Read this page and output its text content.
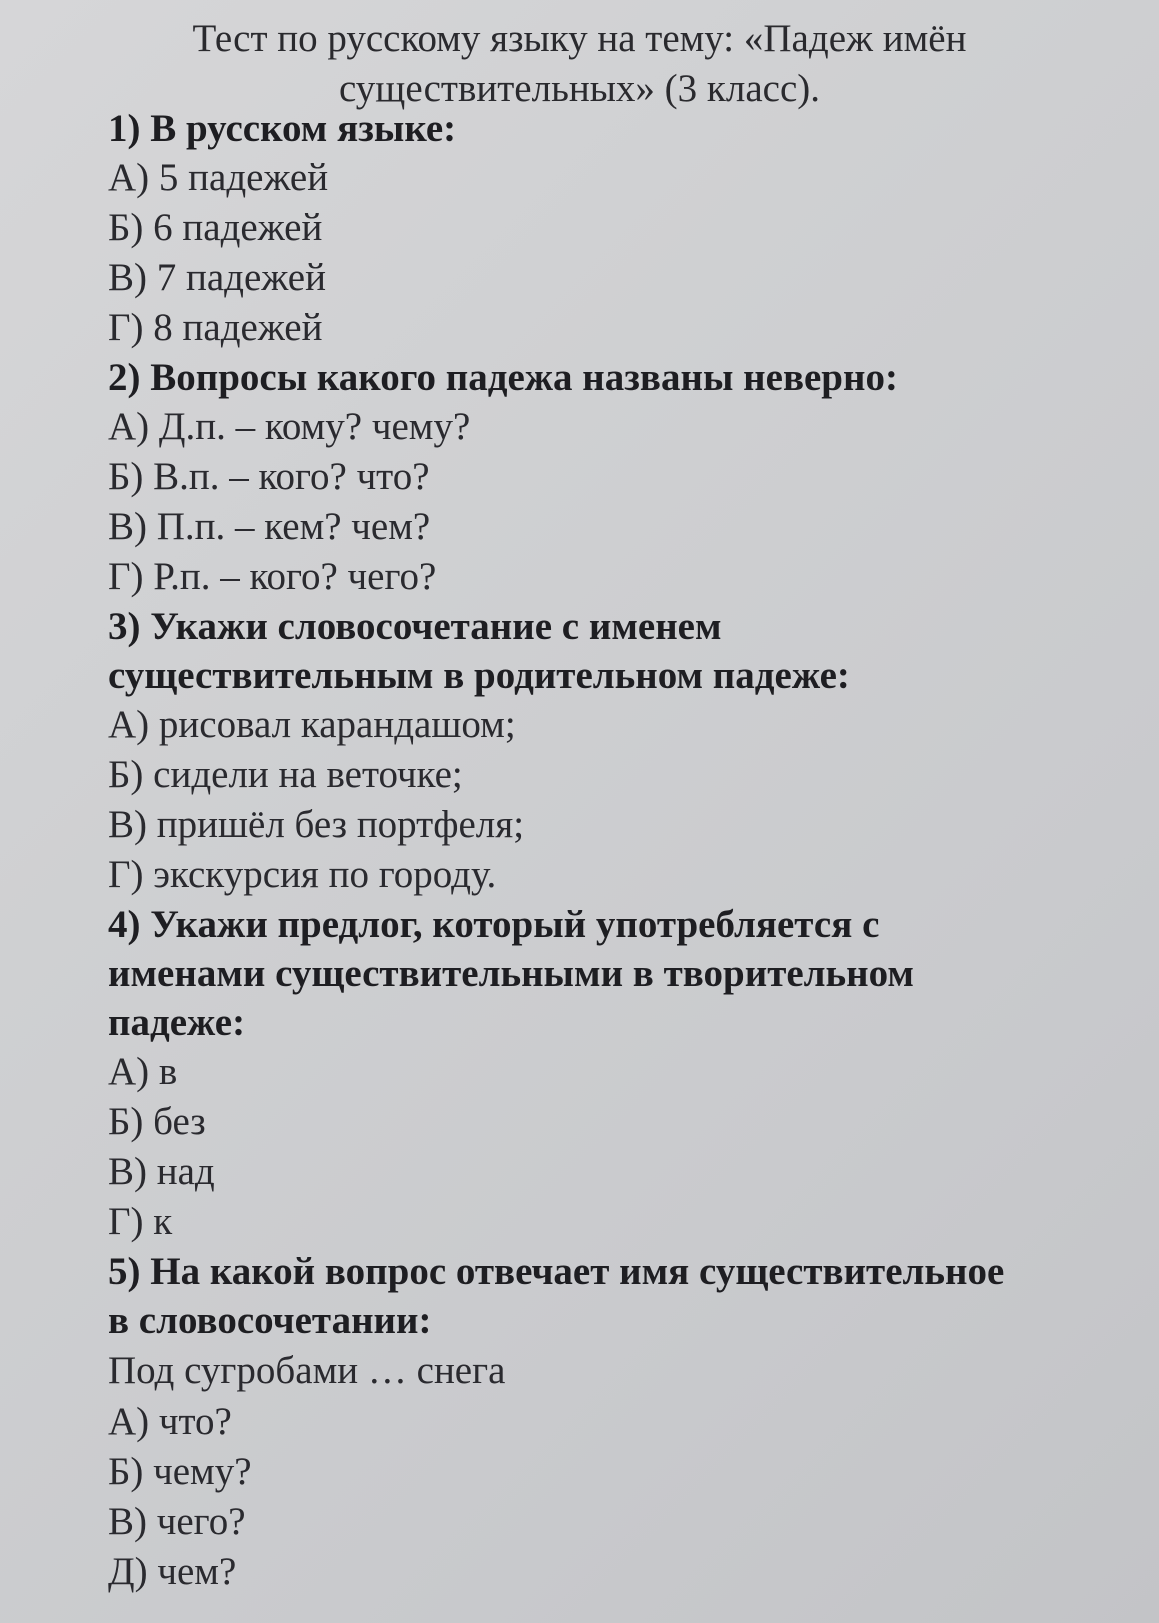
Тест по русскому языку на тему: «Падеж имён
существительных» (3 класс).

1) В русском языке:

А) 5 падежей

Б) 6 падежей

В) 7 падежей

Г) 8 падежей

2) Вопросы какого падежа названы неверно:

А) Д.п. – кому? чему?

Б) В.п. – кого? что?

В) П.п. – кем? чем?

Г) Р.п. – кого? чего?

3) Укажи словосочетание с именем

существительным в родительном падеже:

А) рисовал карандашом;

Б) сидели на веточке;

В) пришёл без портфеля;

Г) экскурсия по городу.

4) Укажи предлог, который употребляется с

именами существительными в творительном

падеже:

А) в

Б) без

В) над

Г) к

5) На какой вопрос отвечает имя существительное

в словосочетании:

Под сугробами … снега

А) что?

Б) чему?

В) чего?

Д) чем?
